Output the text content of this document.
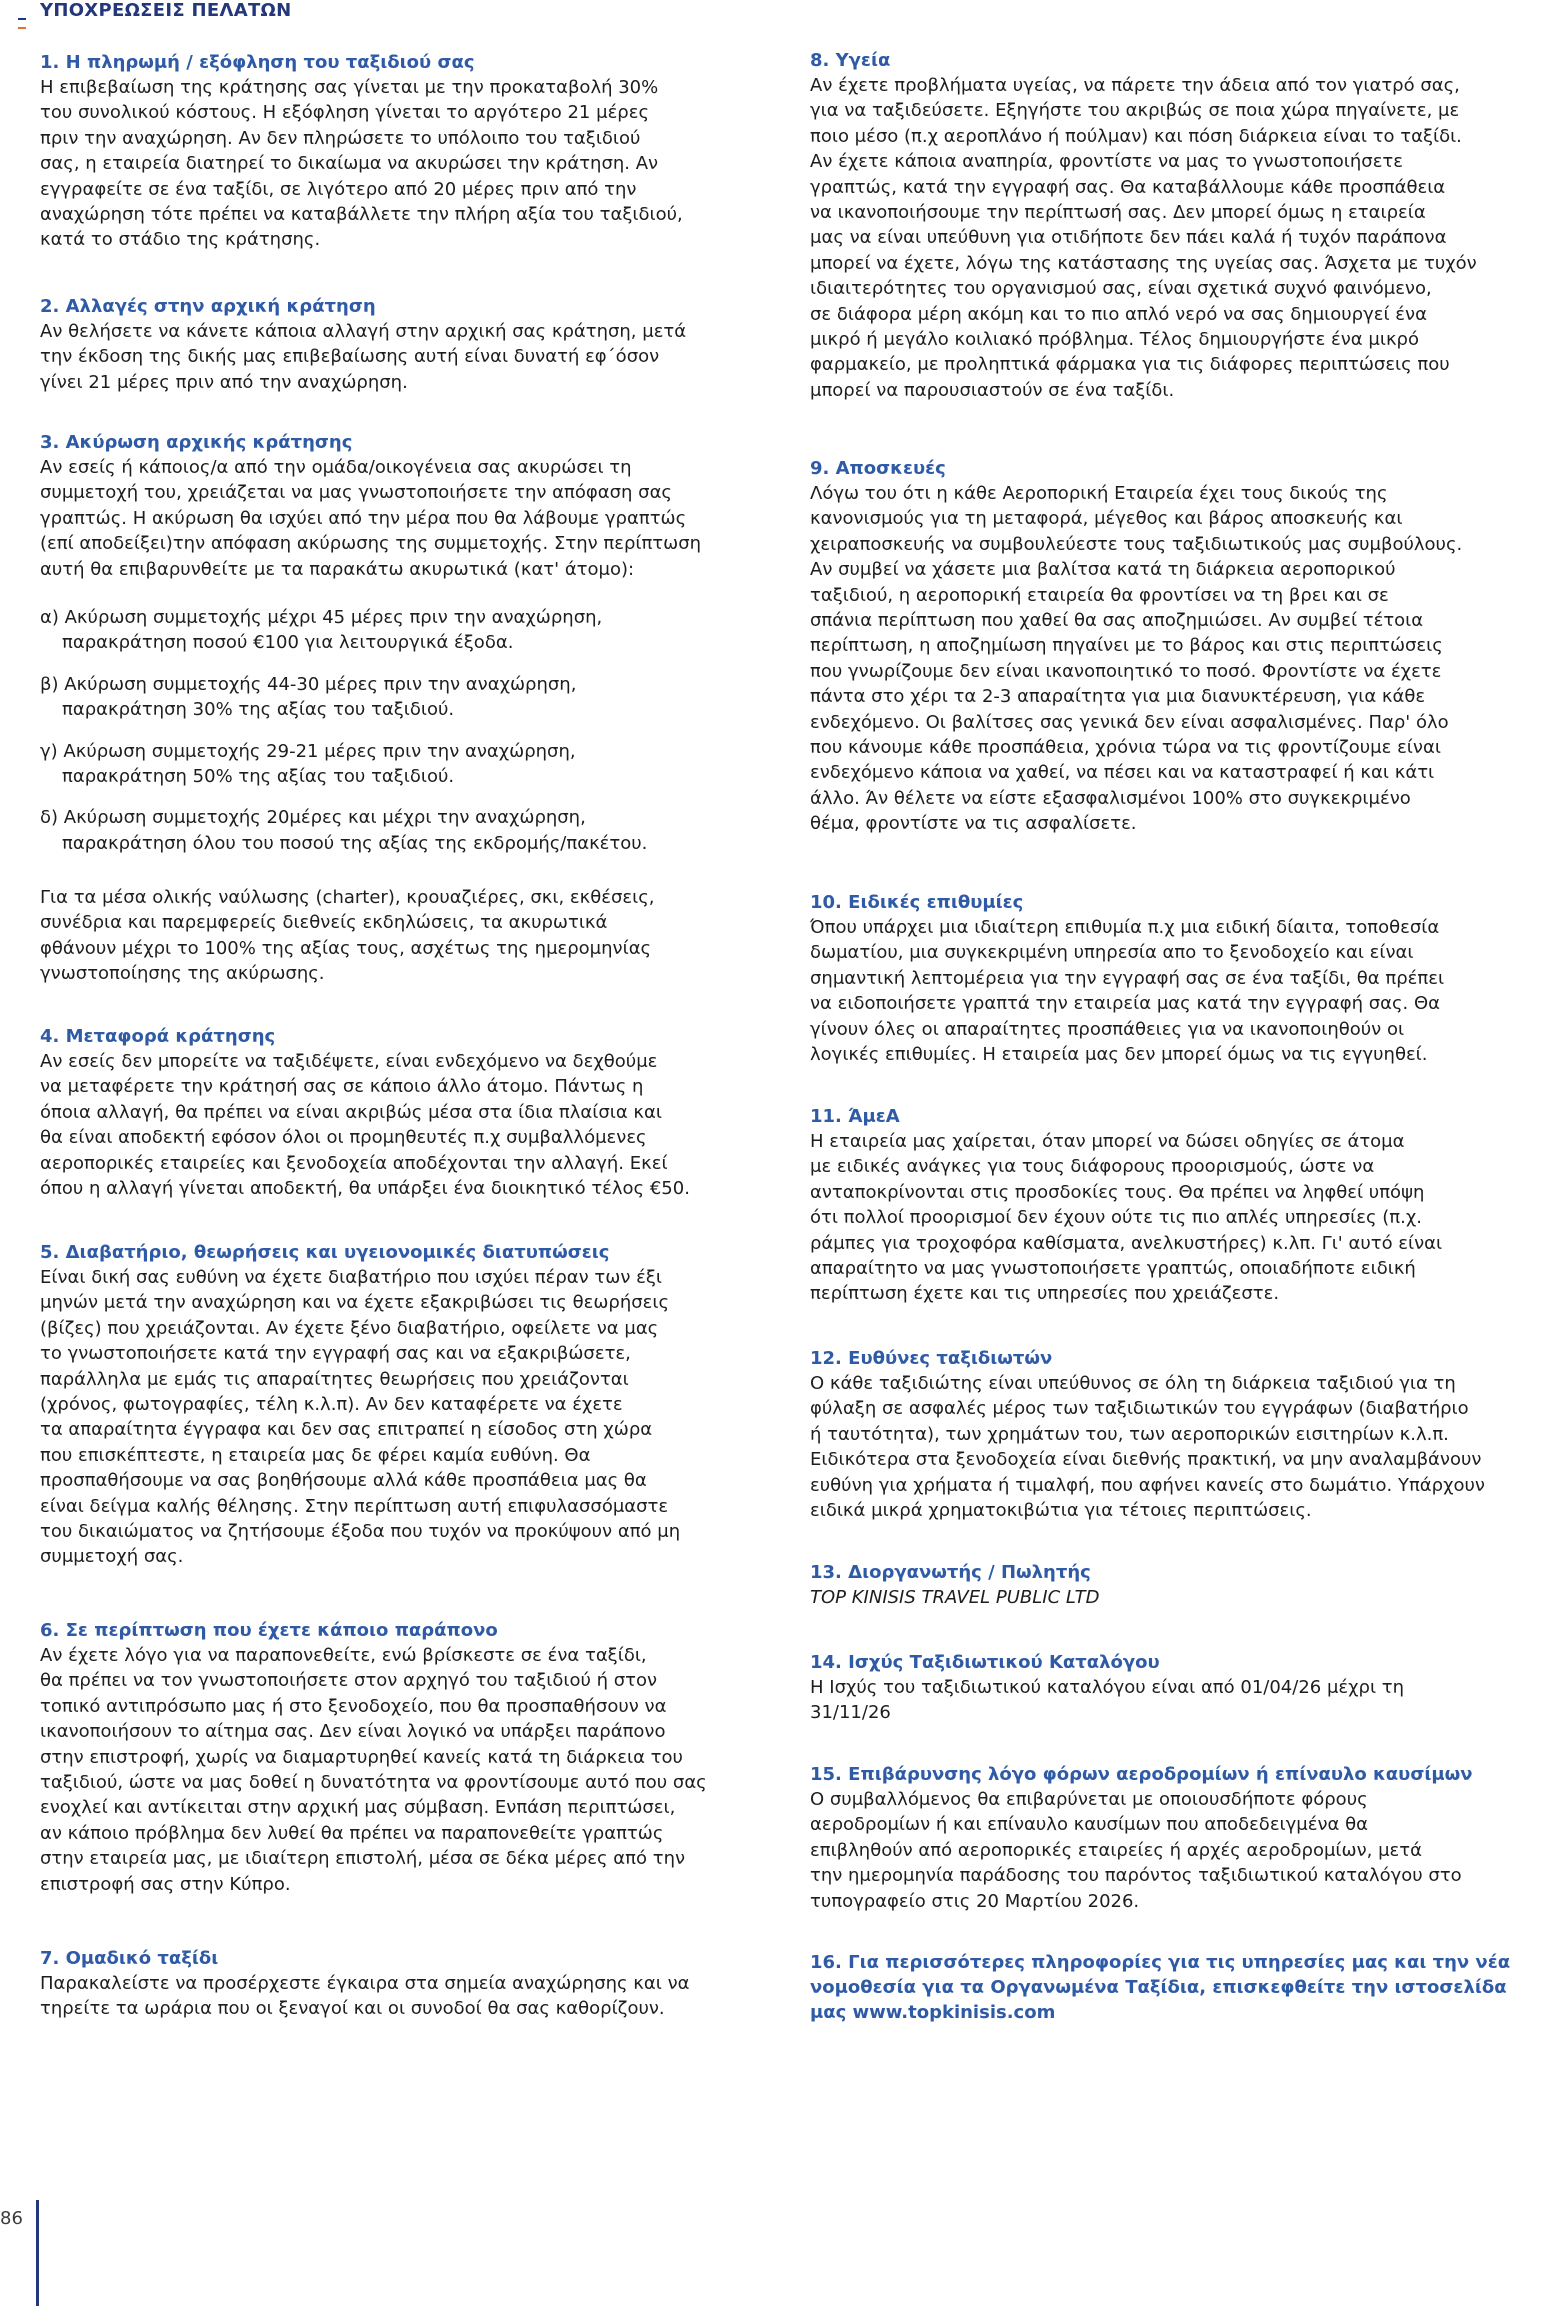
ΥΠΟΧΡΕΩΣΕΙΣ ΠΕΛΑΤΩΝ
1. Η πληρωμή / εξόφληση του ταξιδιού σας

Η επιβεβαίωση της κράτησης σας γίνεται με την προκαταβολή 30%

του συνολικού κόστους. Η εξόφληση γίνεται το αργότερο 21 μέρες

πριν την αναχώρηση. Αν δεν πληρώσετε το υπόλοιπο του ταξιδιού

σας, η εταιρεία διατηρεί το δικαίωμα να ακυρώσει την κράτηση. Αν

εγγραφείτε σε ένα ταξίδι, σε λιγότερο από 20 μέρες πριν από την

αναχώρηση τότε πρέπει να καταβάλλετε την πλήρη αξία του ταξιδιού,

κατά το στάδιο της κράτησης.

2. Αλλαγές στην αρχική κράτηση

Αν θελήσετε να κάνετε κάποια αλλαγή στην αρχική σας κράτηση, μετά

την έκδοση της δικής μας επιβεβαίωσης αυτή είναι δυνατή εφ΄όσον

γίνει 21 μέρες πριν από την αναχώρηση.

3. Ακύρωση αρχικής κράτησης

Αν εσείς ή κάποιος/α από την ομάδα/οικογένεια σας ακυρώσει τη

συμμετοχή του, χρειάζεται να μας γνωστοποιήσετε την απόφαση σας

γραπτώς. Η ακύρωση θα ισχύει από την μέρα που θα λάβουμε γραπτώς

(επί αποδείξει)την απόφαση ακύρωσης της συμμετοχής. Στην περίπτωση

αυτή θα επιβαρυνθείτε με τα παρακάτω ακυρωτικά (κατ' άτομο):

α) Ακύρωση συμμετοχής μέχρι 45 μέρες πριν την αναχώρηση,

παρακράτηση ποσού €100 για λειτουργικά έξοδα.

β) Ακύρωση συμμετοχής 44-30 μέρες πριν την αναχώρηση,

παρακράτηση 30% της αξίας του ταξιδιού.

γ) Ακύρωση συμμετοχής 29-21 μέρες πριν την αναχώρηση,

παρακράτηση 50% της αξίας του ταξιδιού.

δ) Ακύρωση συμμετοχής 20μέρες και μέχρι την αναχώρηση,

παρακράτηση όλου του ποσού της αξίας της εκδρομής/πακέτου.

Για τα μέσα ολικής ναύλωσης (charter), κρουαζιέρες, σκι, εκθέσεις,

συνέδρια και παρεμφερείς διεθνείς εκδηλώσεις, τα ακυρωτικά

φθάνουν μέχρι το 100% της αξίας τους, ασχέτως της ημερομηνίας

γνωστοποίησης της ακύρωσης.

4. Μεταφορά κράτησης

Αν εσείς δεν μπορείτε να ταξιδέψετε, είναι ενδεχόμενο να δεχθούμε

να μεταφέρετε την κράτησή σας σε κάποιο άλλο άτομο. Πάντως η

όποια αλλαγή, θα πρέπει να είναι ακριβώς μέσα στα ίδια πλαίσια και

θα είναι αποδεκτή εφόσον όλοι οι προμηθευτές π.χ συμβαλλόμενες

αεροπορικές εταιρείες και ξενοδοχεία αποδέχονται την αλλαγή. Εκεί

όπου η αλλαγή γίνεται αποδεκτή, θα υπάρξει ένα διοικητικό τέλος €50.

5. Διαβατήριο, θεωρήσεις και υγειονομικές διατυπώσεις

Είναι δική σας ευθύνη να έχετε διαβατήριο που ισχύει πέραν των έξι

μηνών μετά την αναχώρηση και να έχετε εξακριβώσει τις θεωρήσεις

(βίζες) που χρειάζονται. Αν έχετε ξένο διαβατήριο, οφείλετε να μας

το γνωστοποιήσετε κατά την εγγραφή σας και να εξακριβώσετε,

παράλληλα με εμάς τις απαραίτητες θεωρήσεις που χρειάζονται

(χρόνος, φωτογραφίες, τέλη κ.λ.π). Αν δεν καταφέρετε να έχετε

τα απαραίτητα έγγραφα και δεν σας επιτραπεί η είσοδος στη χώρα

που επισκέπτεστε, η εταιρεία μας δε φέρει καμία ευθύνη. Θα

προσπαθήσουμε να σας βοηθήσουμε αλλά κάθε προσπάθεια μας θα

είναι δείγμα καλής θέλησης. Στην περίπτωση αυτή επιφυλασσόμαστε

του δικαιώματος να ζητήσουμε έξοδα που τυχόν να προκύψουν από μη

συμμετοχή σας.

6. Σε περίπτωση που έχετε κάποιο παράπονο

Αν έχετε λόγο για να παραπονεθείτε, ενώ βρίσκεστε σε ένα ταξίδι,

θα πρέπει να τον γνωστοποιήσετε στον αρχηγό του ταξιδιού ή στον

τοπικό αντιπρόσωπο μας ή στο ξενοδοχείο, που θα προσπαθήσουν να

ικανοποιήσουν το αίτημα σας. Δεν είναι λογικό να υπάρξει παράπονο

στην επιστροφή, χωρίς να διαμαρτυρηθεί κανείς κατά τη διάρκεια του

ταξιδιού, ώστε να μας δοθεί η δυνατότητα να φροντίσουμε αυτό που σας

ενοχλεί και αντίκειται στην αρχική μας σύμβαση. Ενπάση περιπτώσει,

αν κάποιο πρόβλημα δεν λυθεί θα πρέπει να παραπονεθείτε γραπτώς

στην εταιρεία μας, με ιδιαίτερη επιστολή, μέσα σε δέκα μέρες από την

επιστροφή σας στην Κύπρο.

7. Ομαδικό ταξίδι

Παρακαλείστε να προσέρχεστε έγκαιρα στα σημεία αναχώρησης και να

τηρείτε τα ωράρια που οι ξεναγοί και οι συνοδοί θα σας καθορίζουν.

8. Υγεία

Αν έχετε προβλήματα υγείας, να πάρετε την άδεια από τον γιατρό σας,

για να ταξιδεύσετε. Εξηγήστε του ακριβώς σε ποια χώρα πηγαίνετε, με

ποιο μέσο (π.χ αεροπλάνο ή πούλμαν) και πόση διάρκεια είναι το ταξίδι.

Αν έχετε κάποια αναπηρία, φροντίστε να μας το γνωστοποιήσετε

γραπτώς, κατά την εγγραφή σας. Θα καταβάλλουμε κάθε προσπάθεια

να ικανοποιήσουμε την περίπτωσή σας. Δεν μπορεί όμως η εταιρεία

μας να είναι υπεύθυνη για οτιδήποτε δεν πάει καλά ή τυχόν παράπονα

μπορεί να έχετε, λόγω της κατάστασης της υγείας σας. Άσχετα με τυχόν

ιδιαιτερότητες του οργανισμού σας, είναι σχετικά συχνό φαινόμενο,

σε διάφορα μέρη ακόμη και το πιο απλό νερό να σας δημιουργεί ένα

μικρό ή μεγάλο κοιλιακό πρόβλημα. Τέλος δημιουργήστε ένα μικρό

φαρμακείο, με προληπτικά φάρμακα για τις διάφορες περιπτώσεις που

μπορεί να παρουσιαστούν σε ένα ταξίδι.

9. Αποσκευές

Λόγω του ότι η κάθε Αεροπορική Εταιρεία έχει τους δικούς της

κανονισμούς για τη μεταφορά, μέγεθος και βάρος αποσκευής και

χειραποσκευής να συμβουλεύεστε τους ταξιδιωτικούς μας συμβούλους.

Αν συμβεί να χάσετε μια βαλίτσα κατά τη διάρκεια αεροπορικού

ταξιδιού, η αεροπορική εταιρεία θα φροντίσει να τη βρει και σε

σπάνια περίπτωση που χαθεί θα σας αποζημιώσει. Αν συμβεί τέτοια

περίπτωση, η αποζημίωση πηγαίνει με το βάρος και στις περιπτώσεις

που γνωρίζουμε δεν είναι ικανοποιητικό το ποσό. Φροντίστε να έχετε

πάντα στο χέρι τα 2-3 απαραίτητα για μια διανυκτέρευση, για κάθε

ενδεχόμενο. Οι βαλίτσες σας γενικά δεν είναι ασφαλισμένες. Παρ' όλο

που κάνουμε κάθε προσπάθεια, χρόνια τώρα να τις φροντίζουμε είναι

ενδεχόμενο κάποια να χαθεί, να πέσει και να καταστραφεί ή και κάτι

άλλο. Άν θέλετε να είστε εξασφαλισμένοι 100% στο συγκεκριμένο

θέμα, φροντίστε να τις ασφαλίσετε.

10. Ειδικές επιθυμίες

Όπου υπάρχει μια ιδιαίτερη επιθυμία π.χ μια ειδική δίαιτα, τοποθεσία

δωματίου, μια συγκεκριμένη υπηρεσία απο το ξενοδοχείο και είναι

σημαντική λεπτομέρεια για την εγγραφή σας σε ένα ταξίδι, θα πρέπει

να ειδοποιήσετε γραπτά την εταιρεία μας κατά την εγγραφή σας. Θα

γίνουν όλες οι απαραίτητες προσπάθειες για να ικανοποιηθούν οι

λογικές επιθυμίες. Η εταιρεία μας δεν μπορεί όμως να τις εγγυηθεί.

11. ΆμεΑ

Η εταιρεία μας χαίρεται, όταν μπορεί να δώσει οδηγίες σε άτομα

με ειδικές ανάγκες για τους διάφορους προορισμούς, ώστε να

ανταποκρίνονται στις προσδοκίες τους. Θα πρέπει να ληφθεί υπόψη

ότι πολλοί προορισμοί δεν έχουν ούτε τις πιο απλές υπηρεσίες (π.χ.

ράμπες για τροχοφόρα καθίσματα, ανελκυστήρες) κ.λπ. Γι' αυτό είναι

απαραίτητο να μας γνωστοποιήσετε γραπτώς, οποιαδήποτε ειδική

περίπτωση έχετε και τις υπηρεσίες που χρειάζεστε.

12. Ευθύνες ταξιδιωτών

Ο κάθε ταξιδιώτης είναι υπεύθυνος σε όλη τη διάρκεια ταξιδιού για τη

φύλαξη σε ασφαλές μέρος των ταξιδιωτικών του εγγράφων (διαβατήριο

ή ταυτότητα), των χρημάτων του, των αεροπορικών εισιτηρίων κ.λ.π.

Ειδικότερα στα ξενοδοχεία είναι διεθνής πρακτική, να μην αναλαμβάνουν

ευθύνη για χρήματα ή τιμαλφή, που αφήνει κανείς στο δωμάτιο. Υπάρχουν

ειδικά μικρά χρηματοκιβώτια για τέτοιες περιπτώσεις.

13. Διοργανωτής / Πωλητής

TOP KINISIS TRAVEL PUBLIC LTD

14. Ισχύς Ταξιδιωτικού Καταλόγου

Η Ισχύς του ταξιδιωτικού καταλόγου είναι από 01/04/26 μέχρι τη

31/11/26

15. Επιβάρυνσης λόγο φόρων αεροδρομίων ή επίναυλο καυσίμων

Ο συμβαλλόμενος θα επιβαρύνεται με οποιουσδήποτε φόρους

αεροδρομίων ή και επίναυλο καυσίμων που αποδεδειγμένα θα

επιβληθούν από αεροπορικές εταιρείες ή αρχές αεροδρομίων, μετά

την ημερομηνία παράδοσης του παρόντος ταξιδιωτικού καταλόγου στο

τυπογραφείο στις 20 Μαρτίου 2026.

16. Για περισσότερες πληροφορίες για τις υπηρεσίες μας και την νέα
νομοθεσία για τα Οργανωμένα Ταξίδια, επισκεφθείτε την ιστοσελίδα
μας www.topkinisis.com
86
